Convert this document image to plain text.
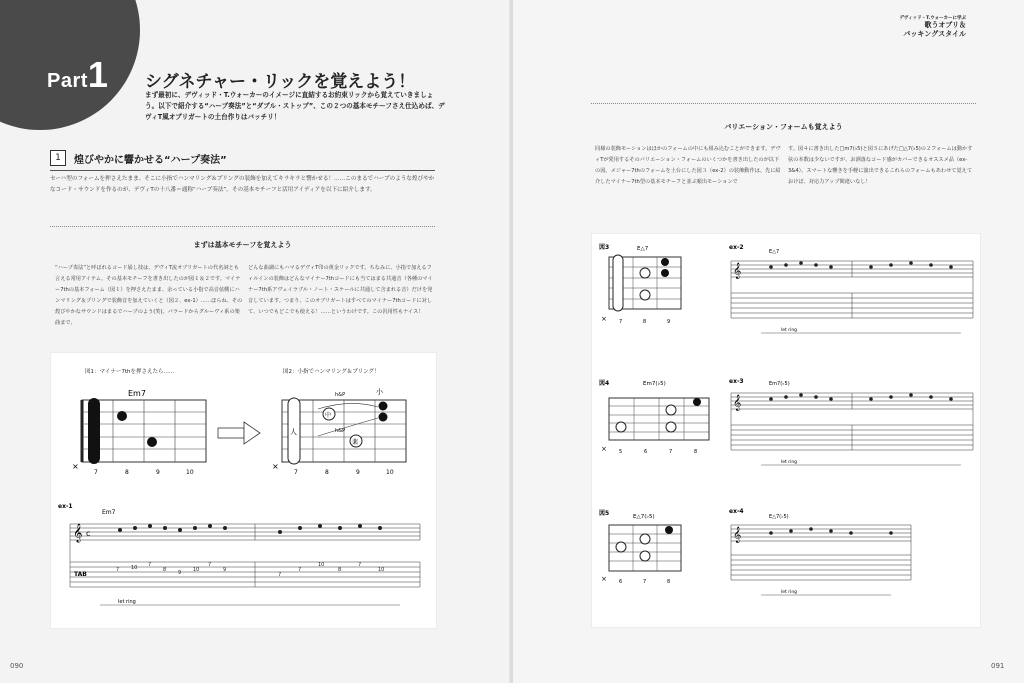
Part1 シグネチャー・リックを覚えよう！
まず最初に、デヴィッド・T.ウォーカーのイメージに直結するお約束リックから覚えていきましょう。以下で紹介する“ハープ奏法”と“ダブル・ストップ”、この２つの基本モチーフさえ仕込めば、デヴィT風オブリガートの土台作りはバッチリ！
1	煌びやかに響かせる“ハープ奏法”
セーハ型のフォームを押さえたまま、そこに小指でハンマリング＆プリングの装飾を加えてキラキラと響かせる！……このまるでハープのような煌びやかなコード・サウンドを作るのが、デヴィTの十八番＝通称“ハープ奏法”。その基本モチーフと活用アイディアを以下に紹介します。
まずは基本モチーフを覚えよう
“ハープ奏法”と呼ばれるコード崩し技は、デヴィT流オブリガートの代名詞とも言える常用アイテム。その基本モチーフを書き出したのが図１＆２です。マイナー7thの基本フォーム（図１）を押さえたまま、余っている小指で高音弦側にハンマリング＆プリングで装飾音を加えていくと（図２、ex-1）……ほらね、その煌びやかなサウンドはまるでハープのよう(笑)。バラードからグルーヴィ系の楽曲まで、
どんな曲調にもハマるデヴィT印の黄金リックです。ちなみに、小指で加えるフィルインの装飾はどんなマイナー7thコードにも当てはまる共通音（各種のマイナー7th系アヴェイラブル・ノート・スケールに共通して含まれる音）だけを発音しています。つまり、このオブリガートはすべてのマイナー7thコードに対して、いつでもどこでも使える！……というわけです。この汎用性もナイス！
図1：マイナー7thを押さえたら……	図2：小指でハンマリング＆プリング！
Em7
×
7	8	9	10
人
中
薬
小
h&P
h&P
×
7	8	9	10
ex-1
Em7
𝄞 c
TAB
7 10 7
8 9 10
7
9
7
7
10
8
7
10
let ring
090
デヴィッド・T.ウォーカーに学ぶ
歌うオブリ＆
バッキングスタイル
バリエーション・フォームも覚えよう
同様の装飾モーションはほかのフォームの中にも組み込むことができます。デヴィTが愛用するそのバリエーション・フォームのいくつかを書き出したのが以下の図。メジャー7thのフォームを土台にした図３（ex-2）の装飾動作は、先に紹介したマイナー7th型の基本モチーフと並ぶ頻出モーションで
す。図４に書き出した□m7(♭5)と図５にあげた□△7(♭5)の２フォームは動かす弦の本数は少ないですが、お洒落なコード感がカバーできるオススメ品（ex-3&4）。スマートな響きを手軽に演出できるこれらのフォームもあわせて覚えておけば、対応力アップ間違いなし！
図3	E△7
× 7	8	9
図4	Em7(♭5)
× 5	6	7	8
図5	E△7(♭5)
× 6	7	8
ex-2
E△7
𝄞
let ring
ex-3	Em7(♭5)
𝄞
let ring
ex-4
E△7(♭5)
𝄞
let ring
091
